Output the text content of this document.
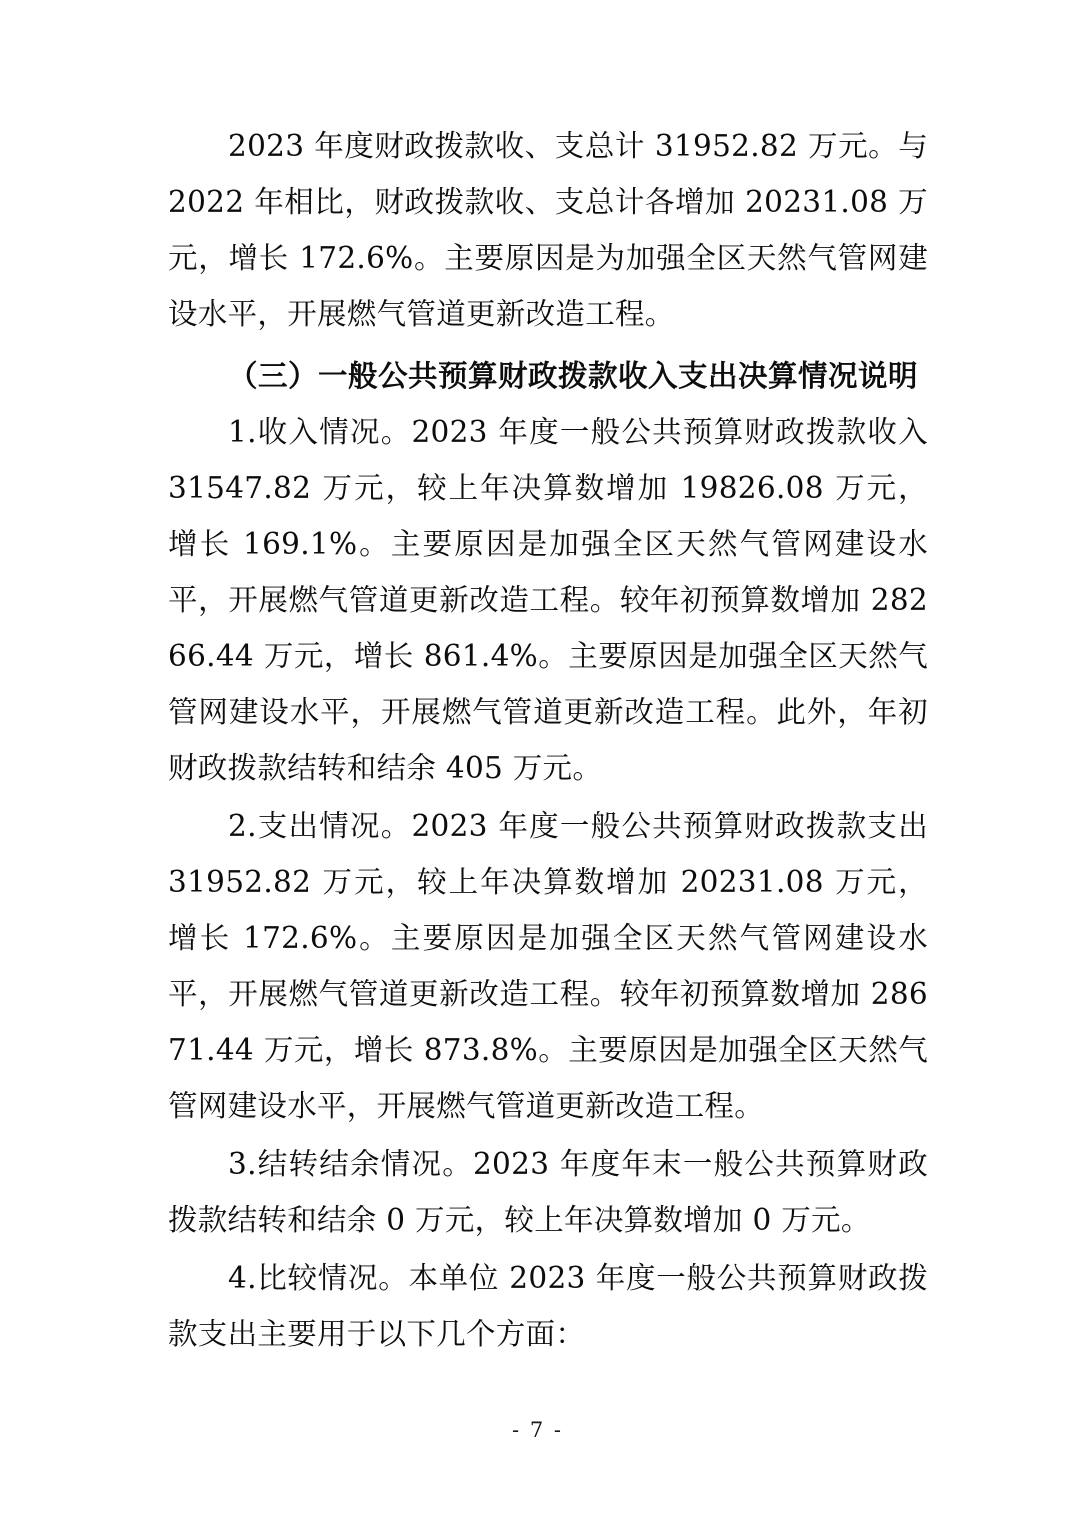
2023 年度财政拨款收、支总计 31952.82 万元。与 2022 年相比，财政拨款收、支总计各增加 20231.08 万元，增长 172.6%。主要原因是为加强全区天然气管网建设水平，开展燃气管道更新改造工程。

（三）一般公共预算财政拨款收入支出决算情况说明

1.收入情况。2023 年度一般公共预算财政拨款收入 31547.82 万元，较上年决算数增加 19826.08 万元，增长 169.1%。主要原因是加强全区天然气管网建设水平，开展燃气管道更新改造工程。较年初预算数增加 28266.44 万元，增长 861.4%。主要原因是加强全区天然气管网建设水平，开展燃气管道更新改造工程。此外，年初财政拨款结转和结余 405 万元。

2.支出情况。2023 年度一般公共预算财政拨款支出 31952.82 万元，较上年决算数增加 20231.08 万元，增长 172.6%。主要原因是加强全区天然气管网建设水平，开展燃气管道更新改造工程。较年初预算数增加 28671.44 万元，增长 873.8%。主要原因是加强全区天然气管网建设水平，开展燃气管道更新改造工程。

3.结转结余情况。2023 年度年末一般公共预算财政拨款结转和结余 0 万元，较上年决算数增加 0 万元。

4.比较情况。本单位 2023 年度一般公共预算财政拨款支出主要用于以下几个方面：

- 7 -
